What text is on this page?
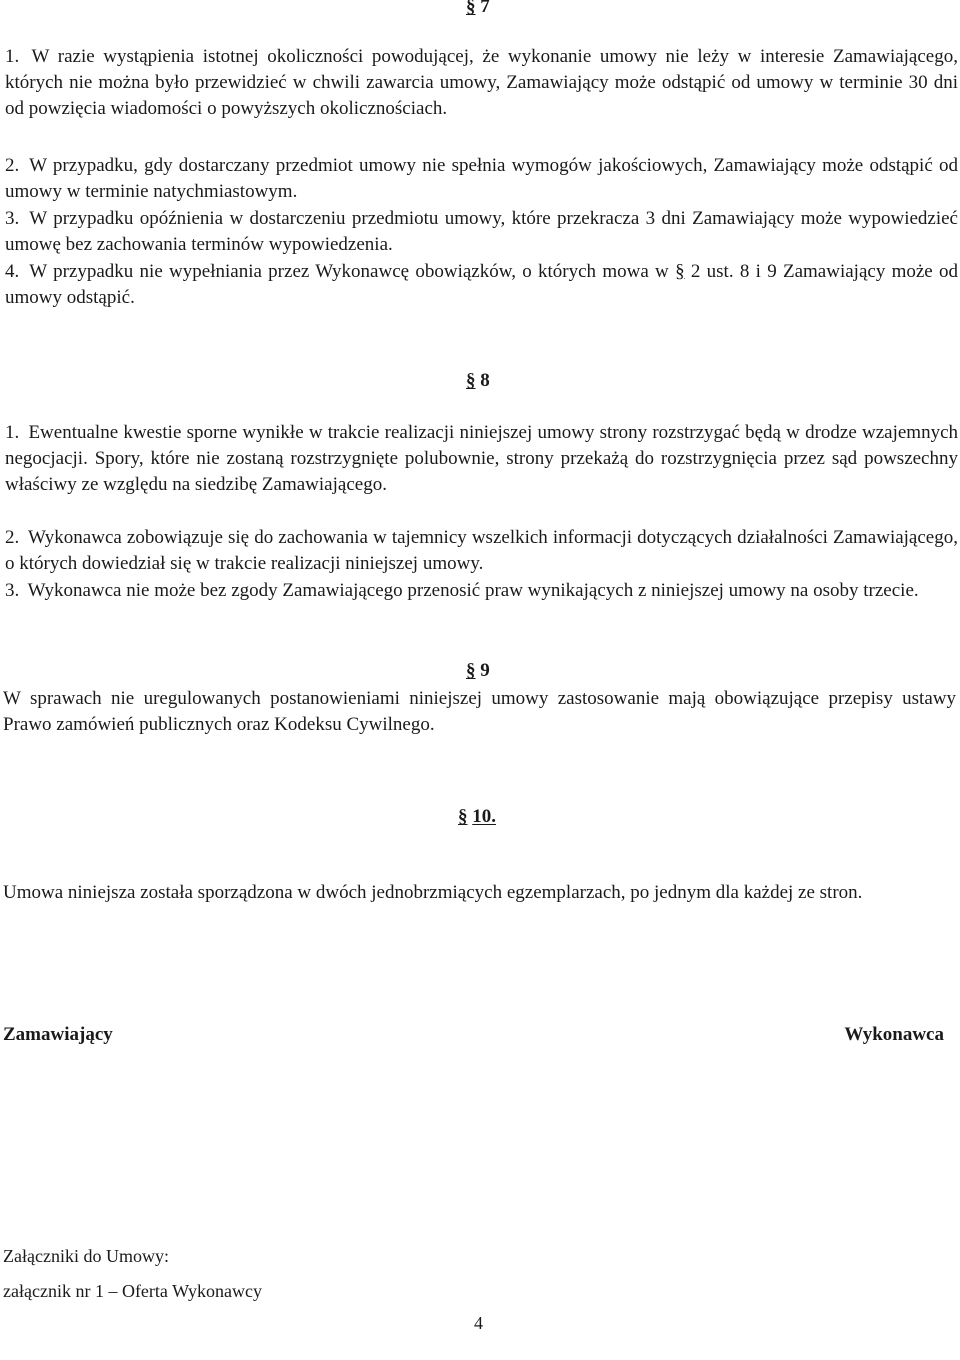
§ 7
1. W razie wystąpienia istotnej okoliczności powodującej, że wykonanie umowy nie leży w interesie Zamawiającego, których nie można było przewidzieć w chwili zawarcia umowy, Zamawiający może odstąpić od umowy w terminie 30 dni od powzięcia wiadomości o powyższych okolicznościach.
2. W przypadku, gdy dostarczany przedmiot umowy nie spełnia wymogów jakościowych, Zamawiający może odstąpić od umowy w terminie natychmiastowym.
3. W przypadku opóźnienia w dostarczeniu przedmiotu umowy, które przekracza 3 dni Zamawiający może wypowiedzieć umowę bez zachowania terminów wypowiedzenia.
4. W przypadku nie wypełniania przez Wykonawcę obowiązków, o których mowa w § 2 ust. 8 i 9 Zamawiający może od umowy odstąpić.
§ 8
1. Ewentualne kwestie sporne wynikłe w trakcie realizacji niniejszej umowy strony rozstrzygać będą w drodze wzajemnych negocjacji. Spory, które nie zostaną rozstrzygnięte polubownie, strony przekażą do rozstrzygnięcia przez sąd powszechny właściwy ze względu na siedzibę Zamawiającego.
2. Wykonawca zobowiązuje się do zachowania w tajemnicy wszelkich informacji dotyczących działalności Zamawiającego, o których dowiedział się w trakcie realizacji niniejszej umowy.
3. Wykonawca nie może bez zgody Zamawiającego przenosić praw wynikających z niniejszej umowy na osoby trzecie.
§ 9
W sprawach nie uregulowanych postanowieniami niniejszej umowy zastosowanie mają obowiązujące przepisy ustawy Prawo zamówień publicznych oraz Kodeksu Cywilnego.
§ 10.
Umowa niniejsza została sporządzona w dwóch jednobrzmiących egzemplarzach, po jednym dla każdej ze stron.
Zamawiający	Wykonawca
Załączniki do Umowy:
załącznik nr 1 – Oferta Wykonawcy
4
